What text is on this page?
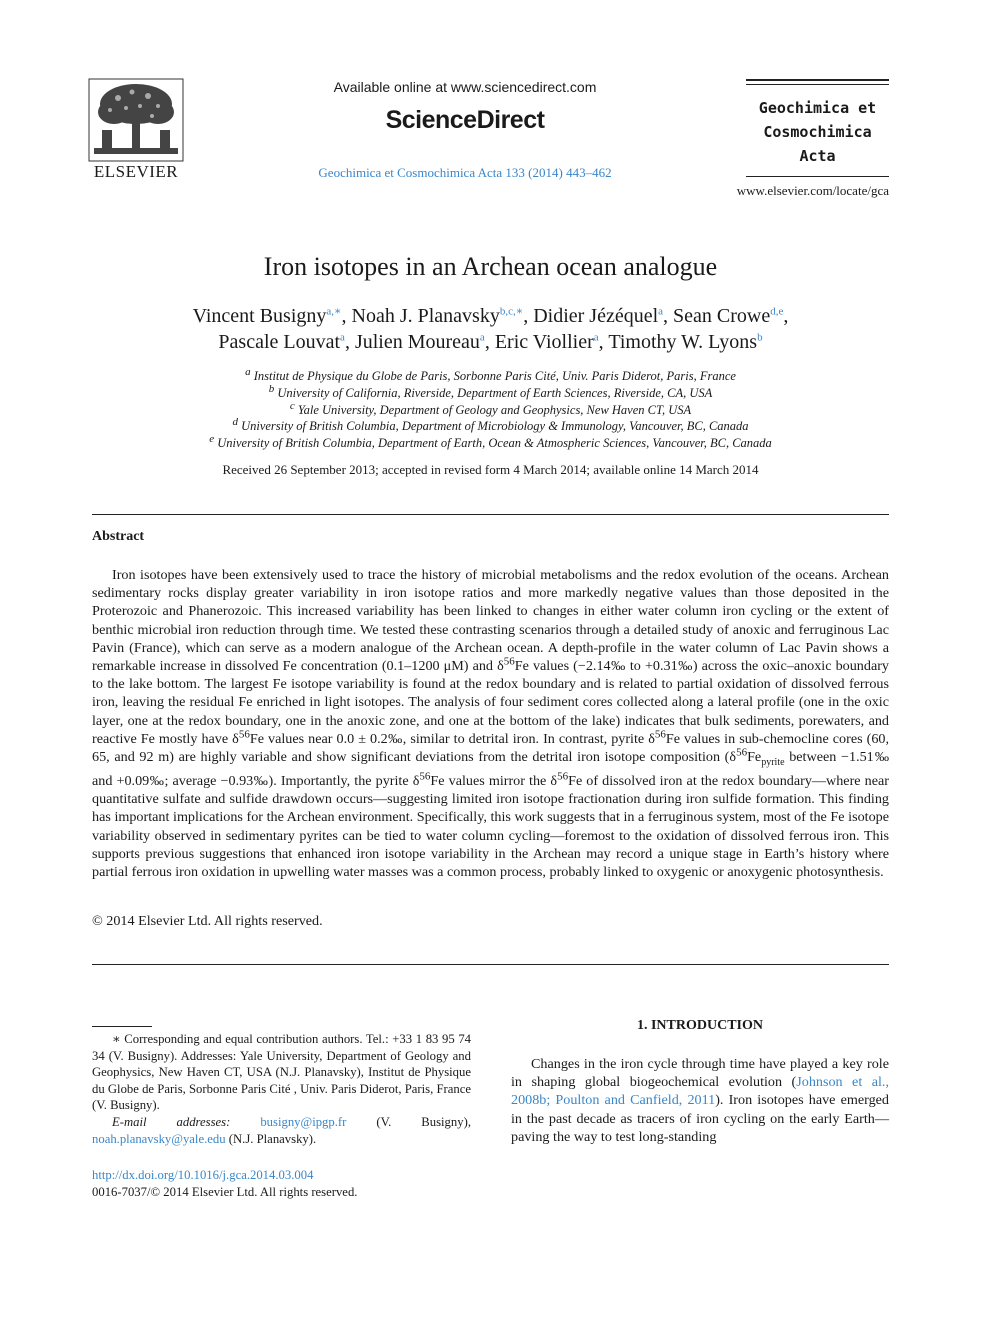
ELSEVIER
Available online at www.sciencedirect.com
ScienceDirect
Geochimica et Cosmochimica Acta 133 (2014) 443–462
Geochimica et
Cosmochimica
Acta
www.elsevier.com/locate/gca
Iron isotopes in an Archean ocean analogue
Vincent Busigny$^{a,∗}$, Noah J. Planavsky$^{b,c,∗}$, Didier Jézéquel$^a$, Sean Crowe$^{d,e}$,
Pascale Louvat$^a$, Julien Moureau$^a$, Eric Viollier$^a$, Timothy W. Lyons$^b$
$^a$ Institut de Physique du Globe de Paris, Sorbonne Paris Cité, Univ. Paris Diderot, Paris, France
$^b$ University of California, Riverside, Department of Earth Sciences, Riverside, CA, USA
$^c$ Yale University, Department of Geology and Geophysics, New Haven CT, USA
$^d$ University of British Columbia, Department of Microbiology & Immunology, Vancouver, BC, Canada
$^e$ University of British Columbia, Department of Earth, Ocean & Atmospheric Sciences, Vancouver, BC, Canada
Received 26 September 2013; accepted in revised form 4 March 2014; available online 14 March 2014
Abstract
Iron isotopes have been extensively used to trace the history of microbial metabolisms and the redox evolution of the oceans. Archean sedimentary rocks display greater variability in iron isotope ratios and more markedly negative values than those deposited in the Proterozoic and Phanerozoic. This increased variability has been linked to changes in either water column iron cycling or the extent of benthic microbial iron reduction through time. We tested these contrasting scenarios through a detailed study of anoxic and ferruginous Lac Pavin (France), which can serve as a modern analogue of the Archean ocean. A depth-profile in the water column of Lac Pavin shows a remarkable increase in dissolved Fe concentration (0.1–1200 μM) and $\delta^{56}Fe$ values (−2.14‰ to +0.31‰) across the oxic–anoxic boundary to the lake bottom. The largest Fe isotope variability is found at the redox boundary and is related to partial oxidation of dissolved ferrous iron, leaving the residual Fe enriched in light isotopes. The analysis of four sediment cores collected along a lateral profile (one in the oxic layer, one at the redox boundary, one in the anoxic zone, and one at the bottom of the lake) indicates that bulk sediments, porewaters, and reactive Fe mostly have $\delta^{56}Fe$ values near 0.0 ± 0.2‰, similar to detrital iron. In contrast, pyrite $\delta^{56}Fe$ values in sub-chemocline cores (60, 65, and 92 m) are highly variable and show significant deviations from the detrital iron isotope composition ($\delta^{56}Fe_{pyrite}$ between −1.51‰ and +0.09‰; average −0.93‰). Importantly, the pyrite $\delta^{56}Fe$ values mirror the $\delta^{56}Fe$ of dissolved iron at the redox boundary—where near quantitative sulfate and sulfide drawdown occurs—suggesting limited iron isotope fractionation during iron sulfide formation. This finding has important implications for the Archean environment. Specifically, this work suggests that in a ferruginous system, most of the Fe isotope variability observed in sedimentary pyrites can be tied to water column cycling—foremost to the oxidation of dissolved ferrous iron. This supports previous suggestions that enhanced iron isotope variability in the Archean may record a unique stage in Earth’s history where partial ferrous iron oxidation in upwelling water masses was a common process, probably linked to oxygenic or anoxygenic photosynthesis.
© 2014 Elsevier Ltd. All rights reserved.
∗ Corresponding and equal contribution authors. Tel.: +33 1 83 95 74 34 (V. Busigny). Addresses: Yale University, Department of Geology and Geophysics, New Haven CT, USA (N.J. Planavsky), Institut de Physique du Globe de Paris, Sorbonne Paris Cité , Univ. Paris Diderot, Paris, France (V. Busigny).
E-mail addresses: busigny@ipgp.fr (V. Busigny), noah.planavsky@yale.edu (N.J. Planavsky).
http://dx.doi.org/10.1016/j.gca.2014.03.004
0016-7037/© 2014 Elsevier Ltd. All rights reserved.
1. INTRODUCTION
Changes in the iron cycle through time have played a key role in shaping global biogeochemical evolution (Johnson et al., 2008b; Poulton and Canfield, 2011). Iron isotopes have emerged in the past decade as tracers of iron cycling on the early Earth—paving the way to test long-standing
